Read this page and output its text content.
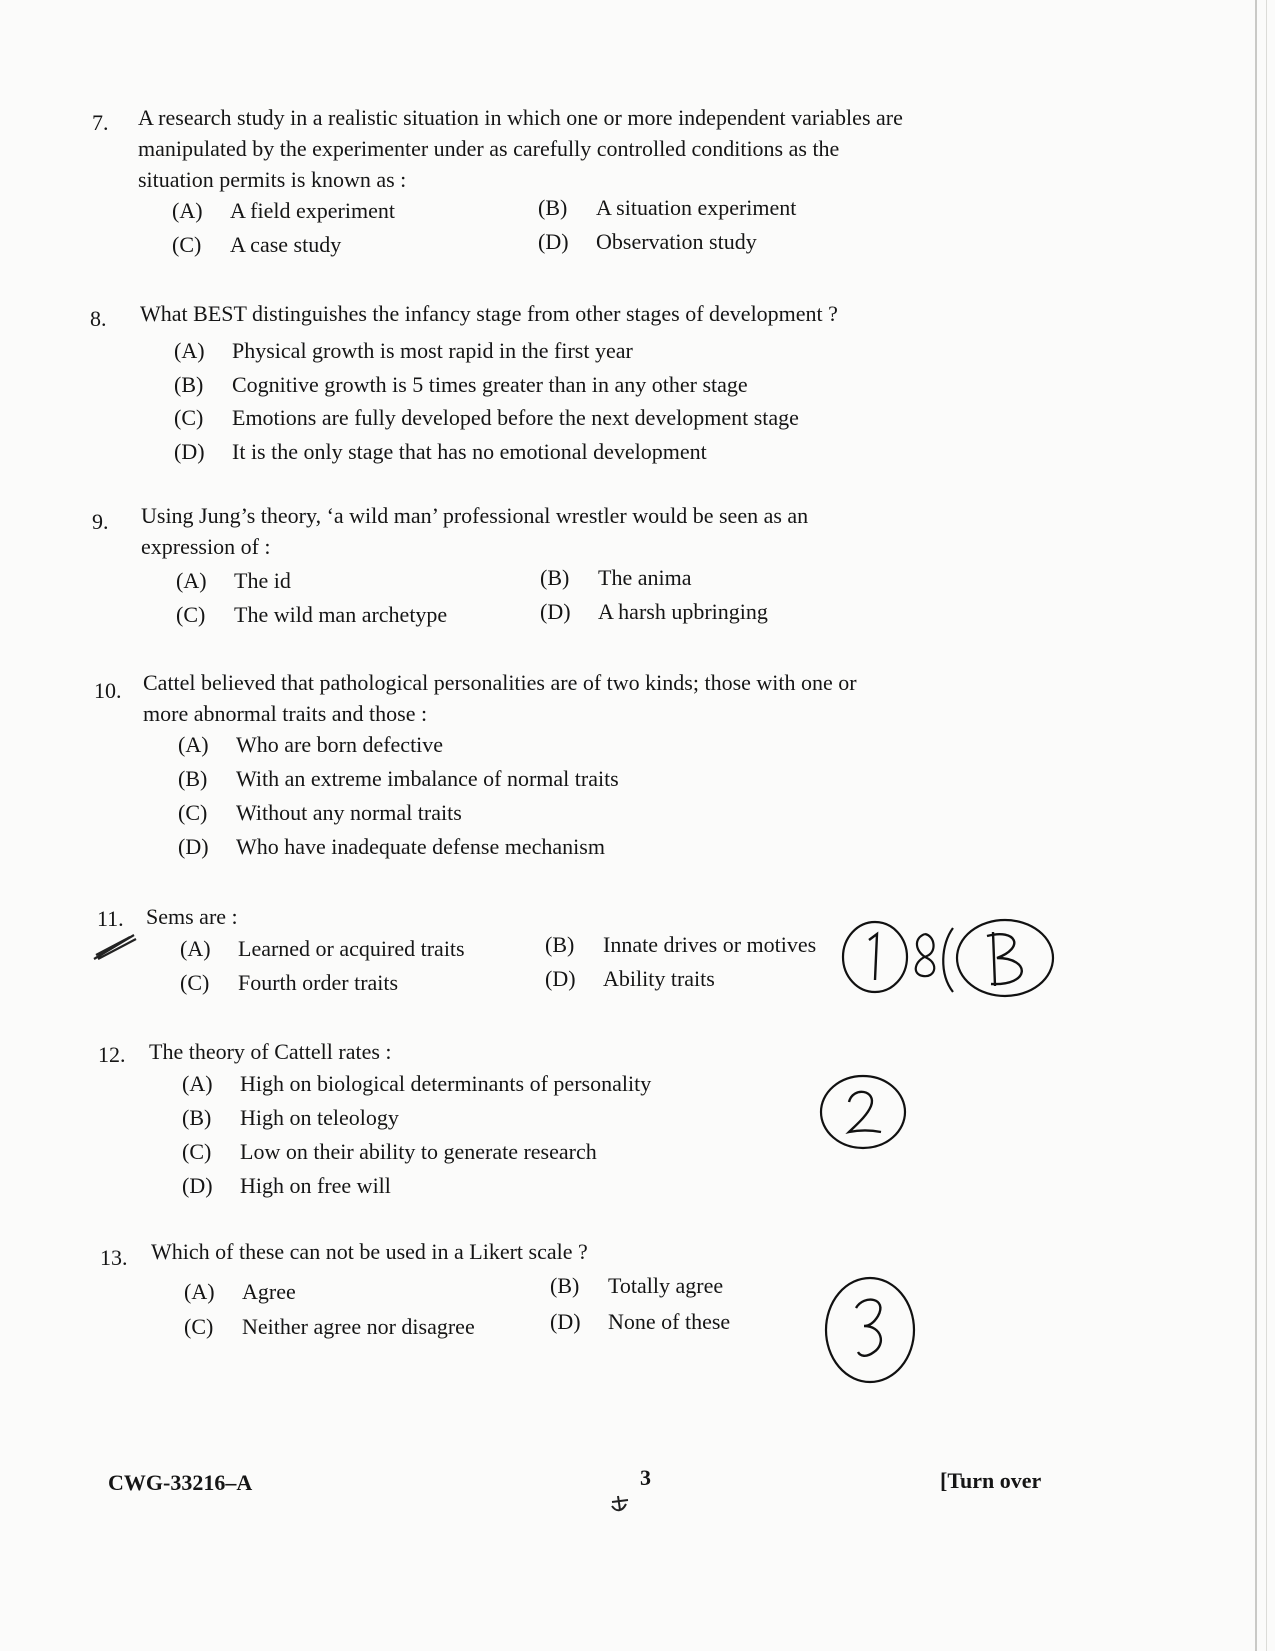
7. A research study in a realistic situation in which one or more independent variables are manipulated by the experimenter under as carefully controlled conditions as the situation permits is known as :
(A) A field experiment	(B) A situation experiment
(C) A case study	(D) Observation study
8. What BEST distinguishes the infancy stage from other stages of development ?
(A) Physical growth is most rapid in the first year
(B) Cognitive growth is 5 times greater than in any other stage
(C) Emotions are fully developed before the next development stage
(D) It is the only stage that has no emotional development
9. Using Jung’s theory, ‘a wild man’ professional wrestler would be seen as an expression of :
(A) The id	(B) The anima
(C) The wild man archetype	(D) A harsh upbringing
10. Cattel believed that pathological personalities are of two kinds; those with one or more abnormal traits and those :
(A) Who are born defective
(B) With an extreme imbalance of normal traits
(C) Without any normal traits
(D) Who have inadequate defense mechanism
11. Sems are :
(A) Learned or acquired traits	(B) Innate drives or motives
(C) Fourth order traits	(D) Ability traits
12. The theory of Cattell rates :
(A) High on biological determinants of personality
(B) High on teleology
(C) Low on their ability to generate research
(D) High on free will
13. Which of these can not be used in a Likert scale ?
(A) Agree	(B) Totally agree
(C) Neither agree nor disagree	(D) None of these
CWG-33216–A	3	[Turn over
